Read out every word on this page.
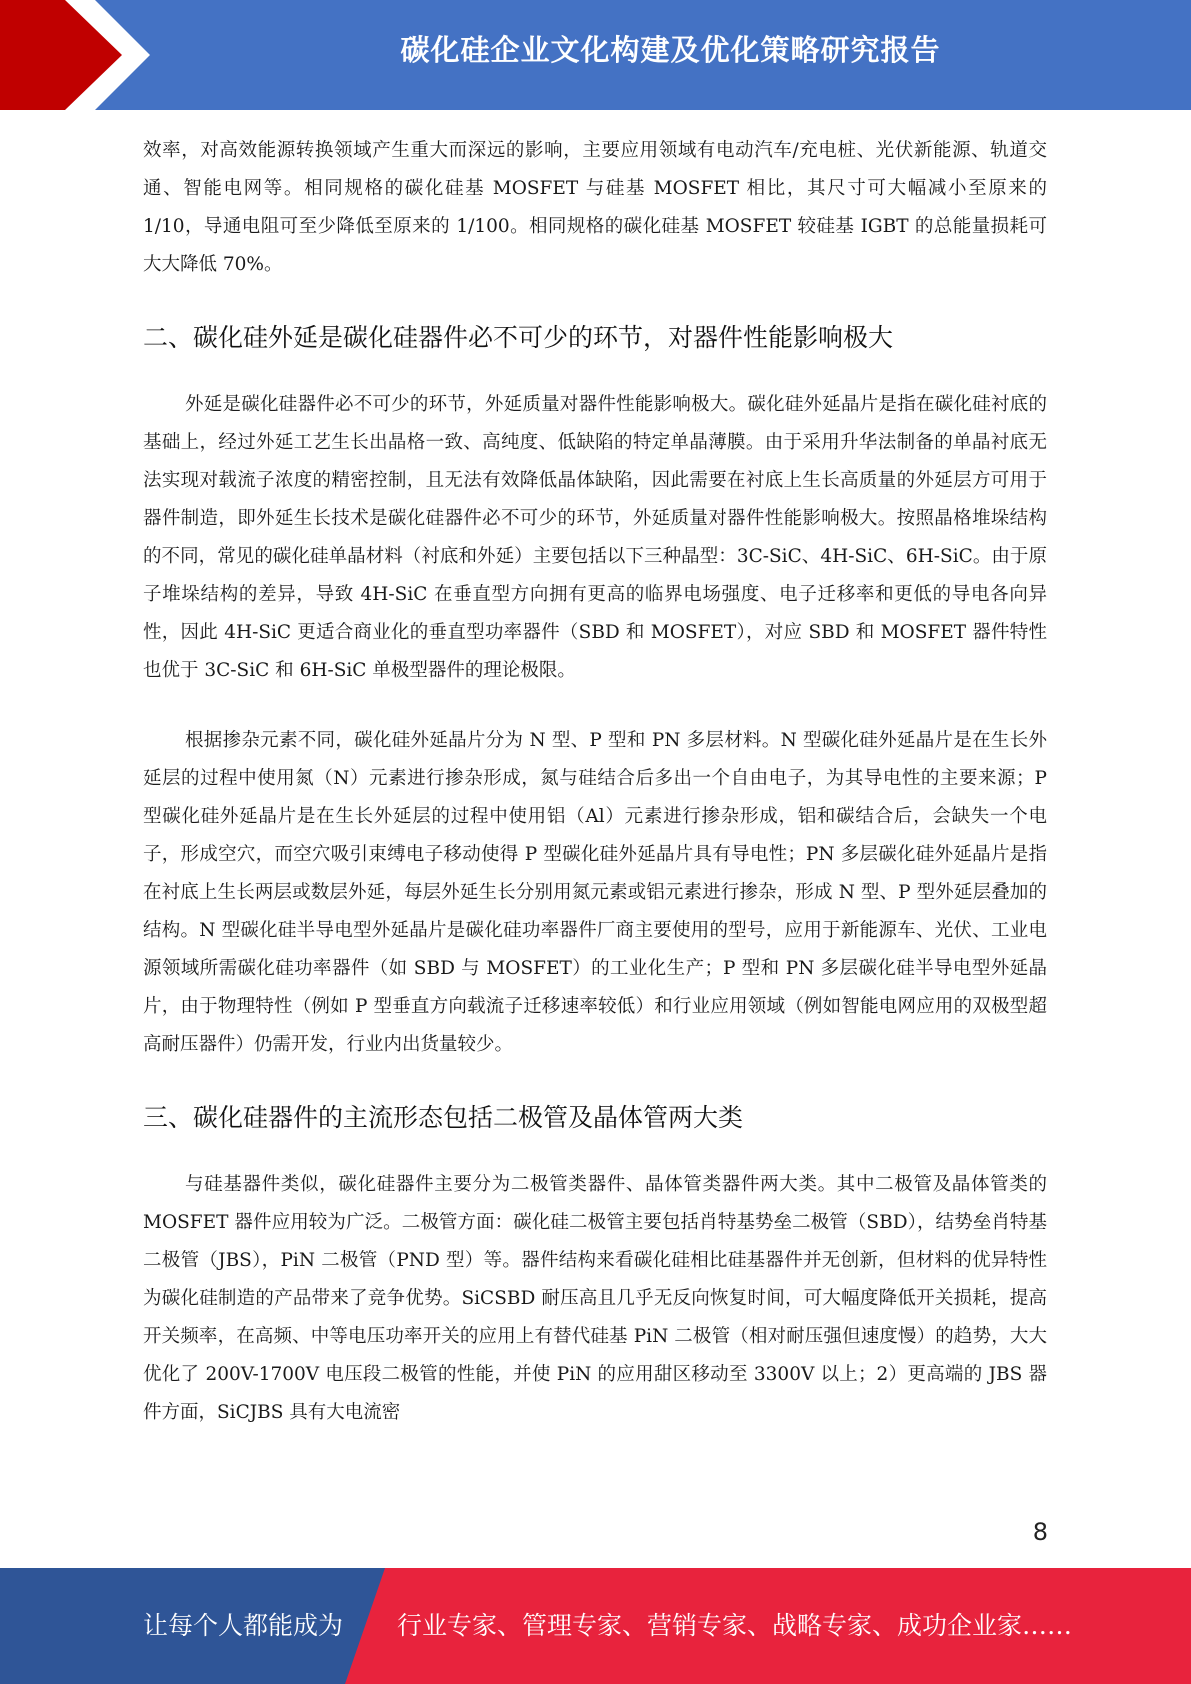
碳化硅企业文化构建及优化策略研究报告

效率，对高效能源转换领域产生重大而深远的影响，主要应用领域有电动汽车/充电桩、光伏新能源、轨道交通、智能电网等。相同规格的碳化硅基 MOSFET 与硅基 MOSFET 相比，其尺寸可大幅减小至原来的 1/10，导通电阻可至少降低至原来的 1/100。相同规格的碳化硅基 MOSFET 较硅基 IGBT 的总能量损耗可大大降低 70%。

二、碳化硅外延是碳化硅器件必不可少的环节，对器件性能影响极大

外延是碳化硅器件必不可少的环节，外延质量对器件性能影响极大。碳化硅外延晶片是指在碳化硅衬底的基础上，经过外延工艺生长出晶格一致、高纯度、低缺陷的特定单晶薄膜。由于采用升华法制备的单晶衬底无法实现对载流子浓度的精密控制，且无法有效降低晶体缺陷，因此需要在衬底上生长高质量的外延层方可用于器件制造，即外延生长技术是碳化硅器件必不可少的环节，外延质量对器件性能影响极大。按照晶格堆垛结构的不同，常见的碳化硅单晶材料（衬底和外延）主要包括以下三种晶型：3C-SiC、4H-SiC、6H-SiC。由于原子堆垛结构的差异，导致 4H-SiC 在垂直型方向拥有更高的临界电场强度、电子迁移率和更低的导电各向异性，因此 4H-SiC 更适合商业化的垂直型功率器件（SBD 和 MOSFET），对应 SBD 和 MOSFET 器件特性也优于 3C-SiC 和 6H-SiC 单极型器件的理论极限。

根据掺杂元素不同，碳化硅外延晶片分为 N 型、P 型和 PN 多层材料。N 型碳化硅外延晶片是在生长外延层的过程中使用氮（N）元素进行掺杂形成，氮与硅结合后多出一个自由电子，为其导电性的主要来源；P 型碳化硅外延晶片是在生长外延层的过程中使用铝（Al）元素进行掺杂形成，铝和碳结合后，会缺失一个电子，形成空穴，而空穴吸引束缚电子移动使得 P 型碳化硅外延晶片具有导电性；PN 多层碳化硅外延晶片是指在衬底上生长两层或数层外延，每层外延生长分别用氮元素或铝元素进行掺杂，形成 N 型、P 型外延层叠加的结构。N 型碳化硅半导电型外延晶片是碳化硅功率器件厂商主要使用的型号，应用于新能源车、光伏、工业电源领域所需碳化硅功率器件（如 SBD 与 MOSFET）的工业化生产；P 型和 PN 多层碳化硅半导电型外延晶片，由于物理特性（例如 P 型垂直方向载流子迁移速率较低）和行业应用领域（例如智能电网应用的双极型超高耐压器件）仍需开发，行业内出货量较少。

三、碳化硅器件的主流形态包括二极管及晶体管两大类

与硅基器件类似，碳化硅器件主要分为二极管类器件、晶体管类器件两大类。其中二极管及晶体管类的 MOSFET 器件应用较为广泛。二极管方面：碳化硅二极管主要包括肖特基势垒二极管（SBD），结势垒肖特基二极管（JBS），PiN 二极管（PND 型）等。器件结构来看碳化硅相比硅基器件并无创新，但材料的优异特性为碳化硅制造的产品带来了竞争优势。SiCSBD 耐压高且几乎无反向恢复时间，可大幅度降低开关损耗，提高开关频率，在高频、中等电压功率开关的应用上有替代硅基 PiN 二极管（相对耐压强但速度慢）的趋势，大大优化了 200V-1700V 电压段二极管的性能，并使 PiN 的应用甜区移动至 3300V 以上；2）更高端的 JBS 器件方面，SiCJBS 具有大电流密

8
让每个人都能成为 行业专家、管理专家、营销专家、战略专家、成功企业家……
